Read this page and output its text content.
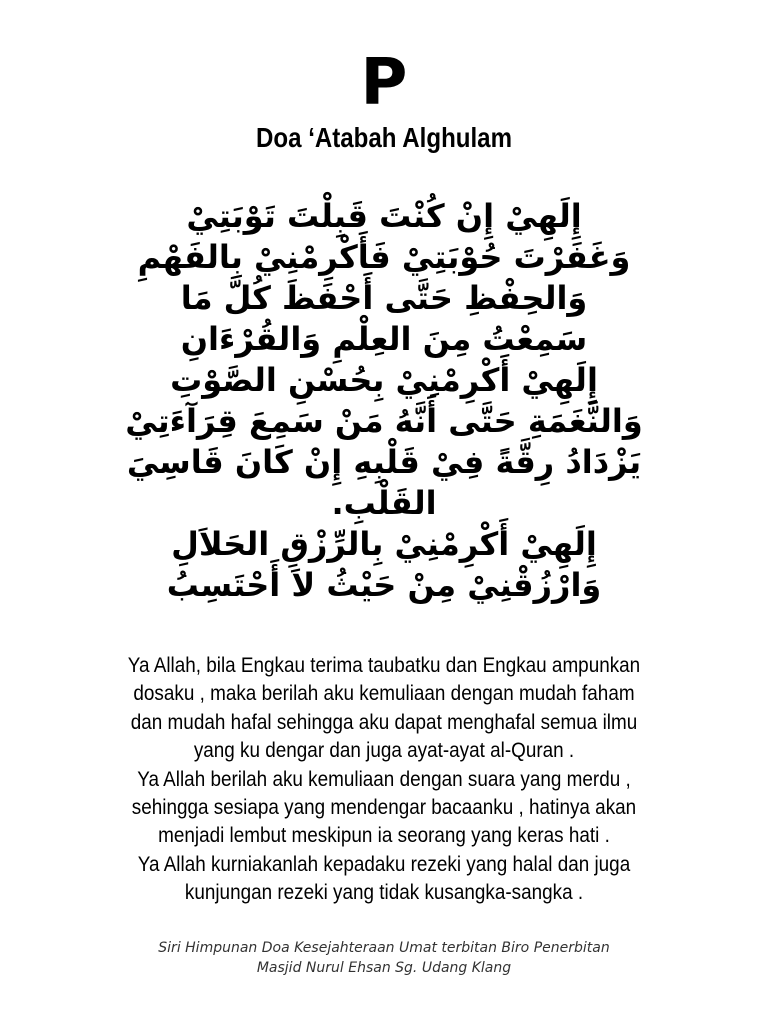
P
Doa ‘Atabah Alghulam
إِلَهِيْ إِنْ كُنْتَ قَبِلْتَ تَوْبَتِيْ
وَغَفَرْتَ حُوْبَتِيْ فَأَكْرِمْنِيْ بِالفَهْمِ
وَالحِفْظِ حَتَّى أَحْفَظَ كُلَّ مَا
سَمِعْتُ مِنَ العِلْمِ وَالقُرْءَانِ
إِلَهِيْ أَكْرِمْنِيْ بِحُسْنِ الصَّوْتِ
وَالنَّغَمَةِ حَتَّى أَنَّهُ مَنْ سَمِعَ قِرَآءَتِيْ
يَزْدَادُ رِقَّةً فِيْ قَلْبِهِ إِنْ كَانَ قَاسِيَ
القَلْبِ.
إِلَهِيْ أَكْرِمْنِيْ بِالرِّزْقِ الحَلاَلِ
وَارْزُقْنِيْ مِنْ حَيْثُ لاَ أَحْتَسِبُ
Ya Allah, bila Engkau terima taubatku dan Engkau ampunkan
dosaku , maka berilah aku kemuliaan dengan mudah faham
dan mudah hafal sehingga aku dapat menghafal semua ilmu
yang ku dengar dan juga ayat-ayat al-Quran .
Ya Allah berilah aku kemuliaan dengan suara yang merdu ,
sehingga sesiapa yang mendengar bacaanku , hatinya akan
menjadi lembut meskipun ia seorang yang keras hati .
Ya Allah kurniakanlah kepadaku rezeki yang halal dan juga
kunjungan rezeki yang tidak kusangka-sangka .
Siri Himpunan Doa Kesejahteraan Umat terbitan Biro Penerbitan
Masjid Nurul Ehsan Sg. Udang Klang
